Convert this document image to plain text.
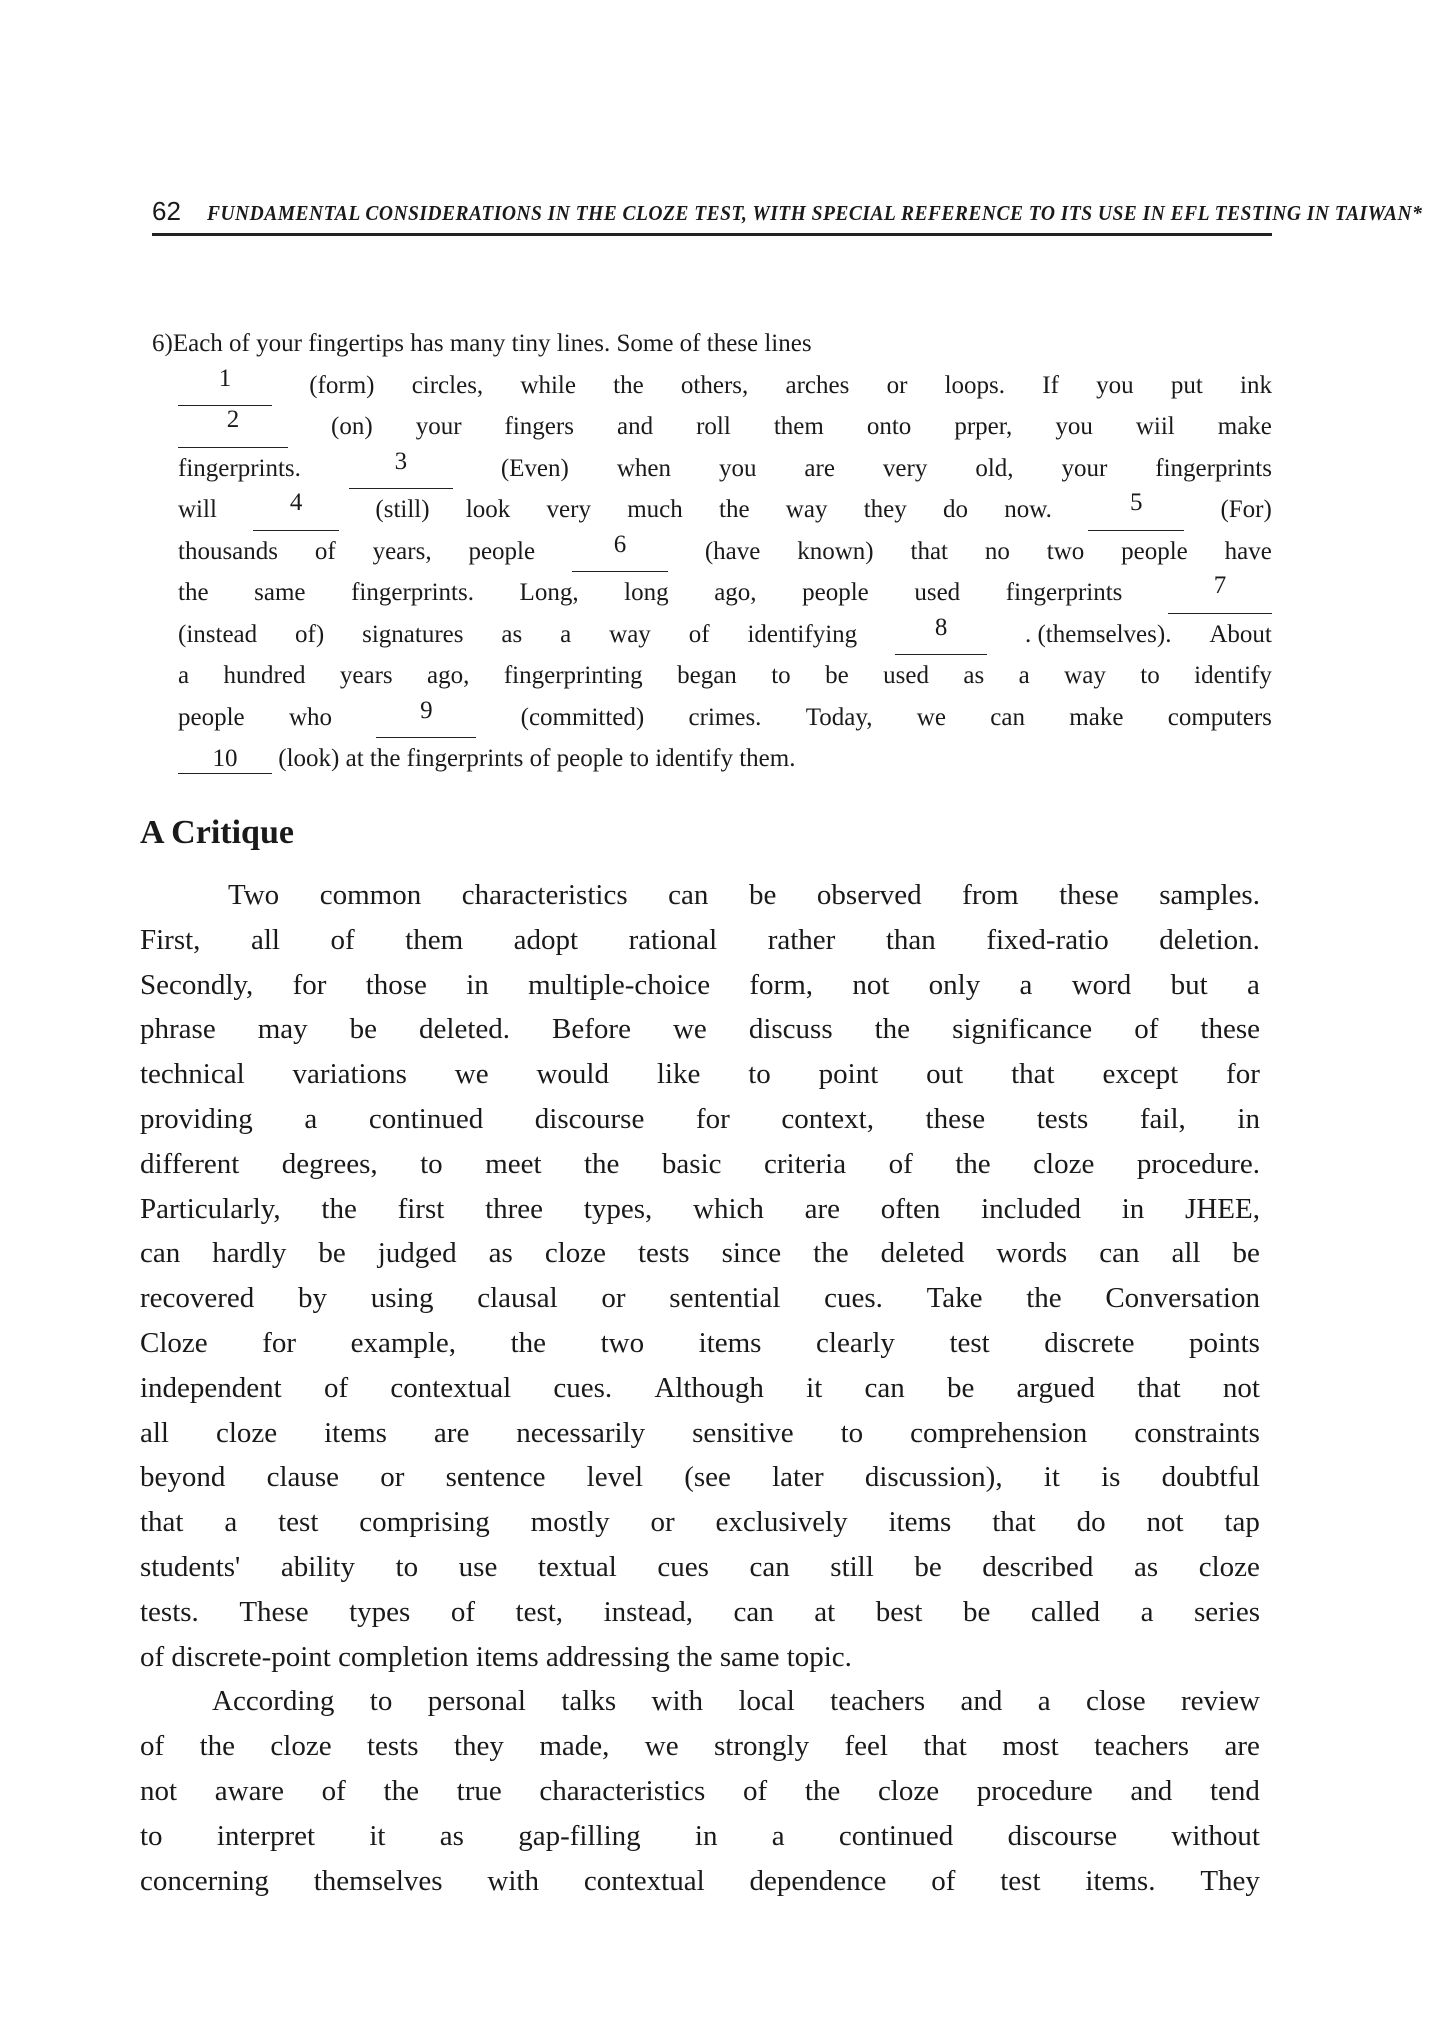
62 FUNDAMENTAL CONSIDERATIONS IN THE CLOZE TEST, WITH SPECIAL REFERENCE TO ITS USE IN EFL TESTING IN TAIWAN*
6)Each of your fingertips has many tiny lines. Some of these lines
1	(form) circles, while the others, arches or loops. If you put ink
2	(on) your fingers and roll them onto prper, you wiil make
fingerprints.	3	(Even) when you are very old, your fingerprints
will	4	(still) look very much the way they do now.	5	(For)
thousands of years, people	6	(have known) that no two people have
the same fingerprints. Long, long ago, people used fingerprints	7
(instead of) signatures as a way of identifying	8	. (themselves). About
a hundred years ago, fingerprinting began to be used as a way to identify
people who	9	(committed) crimes. Today, we can make computers
10 (look) at the fingerprints of people to identify them.
A Critique
Two common characteristics can be observed from these samples.
First, all of them adopt rational rather than fixed-ratio deletion.
Secondly, for those in multiple-choice form, not only a word but a
phrase may be deleted. Before we discuss the significance of these
technical variations we would like to point out that except for
providing a continued discourse for context, these tests fail, in
different degrees, to meet the basic criteria of the cloze procedure.
Particularly, the first three types, which are often included in JHEE,
can hardly be judged as cloze tests since the deleted words can all be
recovered by using clausal or sentential cues. Take the Conversation
Cloze for example, the two items clearly test discrete points
independent of contextual cues. Although it can be argued that not
all cloze items are necessarily sensitive to comprehension constraints
beyond clause or sentence level (see later discussion), it is doubtful
that a test comprising mostly or exclusively items that do not tap
students' ability to use textual cues can still be described as cloze
tests. These types of test, instead, can at best be called a series
of discrete-point completion items addressing the same topic.
According to personal talks with local teachers and a close review
of the cloze tests they made, we strongly feel that most teachers are
not aware of the true characteristics of the cloze procedure and tend
to interpret it as gap-filling in a continued discourse without
concerning themselves with contextual dependence of test items. They
